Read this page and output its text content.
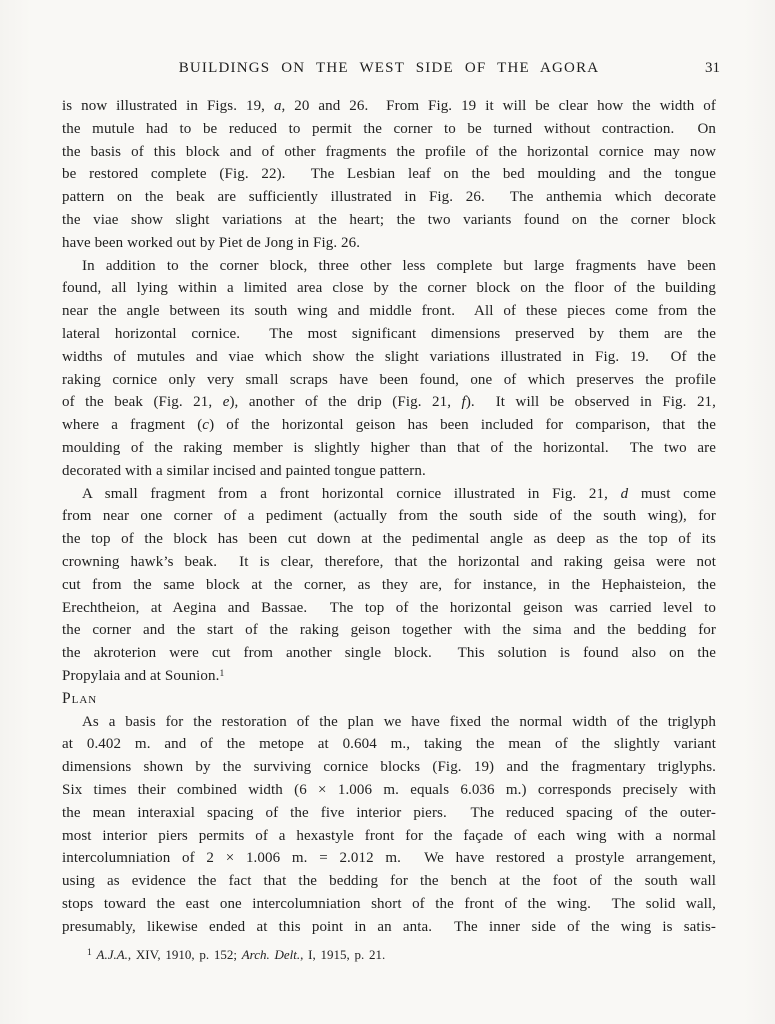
BUILDINGS ON THE WEST SIDE OF THE AGORA	31
is now illustrated in Figs. 19, a, 20 and 26.  From Fig. 19 it will be clear how the width of
the mutule had to be reduced to permit the corner to be turned without contraction.  On
the basis of this block and of other fragments the profile of the horizontal cornice may now
be restored complete (Fig. 22).  The Lesbian leaf on the bed moulding and the tongue
pattern on the beak are sufficiently illustrated in Fig. 26.  The anthemia which decorate
the viae show slight variations at the heart; the two variants found on the corner block
have been worked out by Piet de Jong in Fig. 26.
In addition to the corner block, three other less complete but large fragments have been
found, all lying within a limited area close by the corner block on the floor of the building
near the angle between its south wing and middle front.  All of these pieces come from the
lateral horizontal cornice.  The most significant dimensions preserved by them are the
widths of mutules and viae which show the slight variations illustrated in Fig. 19.  Of the
raking cornice only very small scraps have been found, one of which preserves the profile
of the beak (Fig. 21, e), another of the drip (Fig. 21, f).  It will be observed in Fig. 21,
where a fragment (c) of the horizontal geison has been included for comparison, that the
moulding of the raking member is slightly higher than that of the horizontal.  The two are
decorated with a similar incised and painted tongue pattern.
A small fragment from a front horizontal cornice illustrated in Fig. 21, d must come
from near one corner of a pediment (actually from the south side of the south wing), for
the top of the block has been cut down at the pedimental angle as deep as the top of its
crowning hawk’s beak.  It is clear, therefore, that the horizontal and raking geisa were not
cut from the same block at the corner, as they are, for instance, in the Hephaisteion, the
Erechtheion, at Aegina and Bassae.  The top of the horizontal geison was carried level to
the corner and the start of the raking geison together with the sima and the bedding for
the akroterion were cut from another single block.  This solution is found also on the
Propylaia and at Sounion.$^1$
Plan
As a basis for the restoration of the plan we have fixed the normal width of the triglyph
at 0.402 m. and of the metope at 0.604 m., taking the mean of the slightly variant
dimensions shown by the surviving cornice blocks (Fig. 19) and the fragmentary triglyphs.
Six times their combined width (6 × 1.006 m. equals 6.036 m.) corresponds precisely with
the mean interaxial spacing of the five interior piers.  The reduced spacing of the outer-
most interior piers permits of a hexastyle front for the façade of each wing with a normal
intercolumniation of 2 × 1.006 m. = 2.012 m.  We have restored a prostyle arrangement,
using as evidence the fact that the bedding for the bench at the foot of the south wall
stops toward the east one intercolumniation short of the front of the wing.  The solid wall,
presumably, likewise ended at this point in an anta.  The inner side of the wing is satis-
$^1$ A.J.A., XIV, 1910, p. 152; Arch. Delt., I, 1915, p. 21.
